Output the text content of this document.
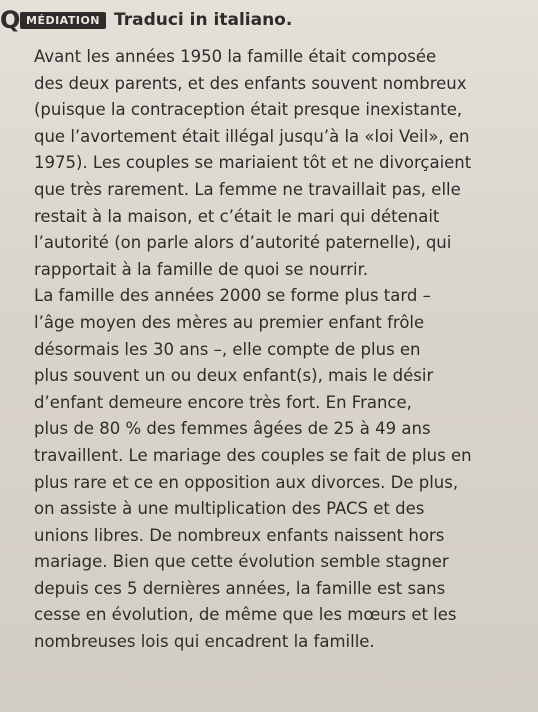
Q MÉDIATION Traduci in italiano.

Avant les années 1950 la famille était composée
des deux parents, et des enfants souvent nombreux
(puisque la contraception était presque inexistante,
que l’avortement était illégal jusqu’à la «loi Veil», en
1975). Les couples se mariaient tôt et ne divorçaient
que très rarement. La femme ne travaillait pas, elle
restait à la maison, et c’était le mari qui détenait
l’autorité (on parle alors d’autorité paternelle), qui
rapportait à la famille de quoi se nourrir.

La famille des années 2000 se forme plus tard –
l’âge moyen des mères au premier enfant frôle
désormais les 30 ans –, elle compte de plus en
plus souvent un ou deux enfant(s), mais le désir
d’enfant demeure encore très fort. En France,
plus de 80 % des femmes âgées de 25 à 49 ans
travaillent. Le mariage des couples se fait de plus en
plus rare et ce en opposition aux divorces. De plus,
on assiste à une multiplication des PACS et des
unions libres. De nombreux enfants naissent hors
mariage. Bien que cette évolution semble stagner
depuis ces 5 dernières années, la famille est sans
cesse en évolution, de même que les mœurs et les
nombreuses lois qui encadrent la famille.
